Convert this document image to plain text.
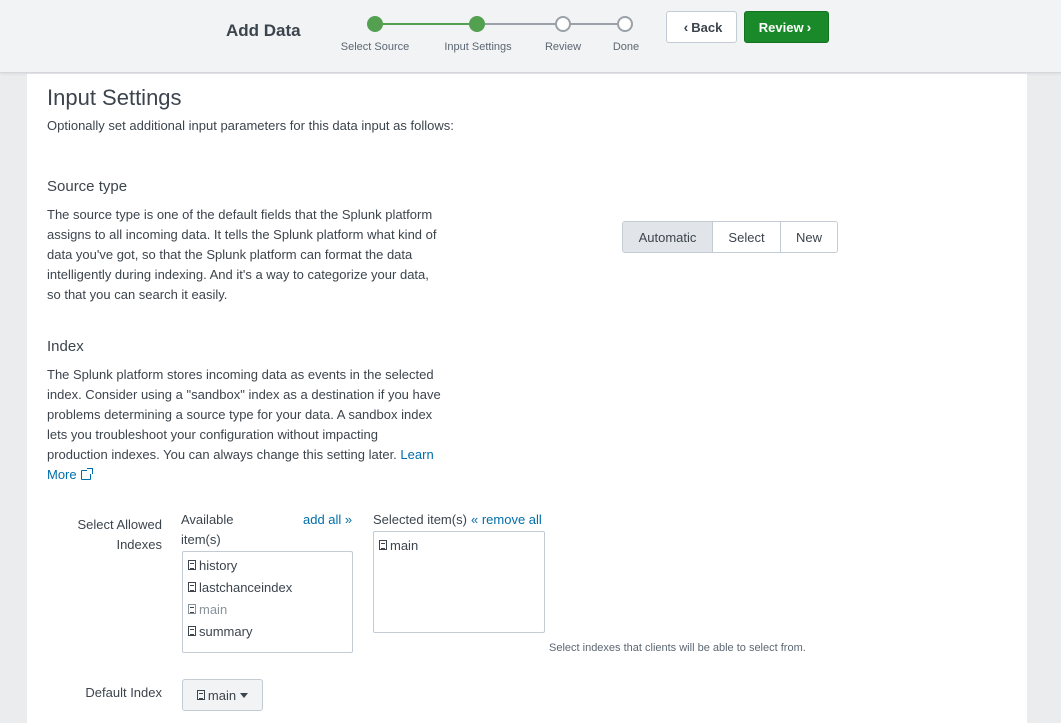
Add Data
Select Source	Input Settings	Review	Done
‹ Back	Review ›
Input Settings
Optionally set additional input parameters for this data input as follows:
Source type
The source type is one of the default fields that the Splunk platform assigns to all incoming data. It tells the Splunk platform what kind of data you've got, so that the Splunk platform can format the data intelligently during indexing. And it's a way to categorize your data, so that you can search it easily.
Automatic	Select	New
Index
The Splunk platform stores incoming data as events in the selected index. Consider using a "sandbox" index as a destination if you have problems determining a source type for your data. A sandbox index lets you troubleshoot your configuration without impacting production indexes. You can always change this setting later. Learn More
Select Allowed Indexes
Available item(s)
add all »
history
lastchanceindex
main
summary
Selected item(s) « remove all
main
Select indexes that clients will be able to select from.
Default Index	main
